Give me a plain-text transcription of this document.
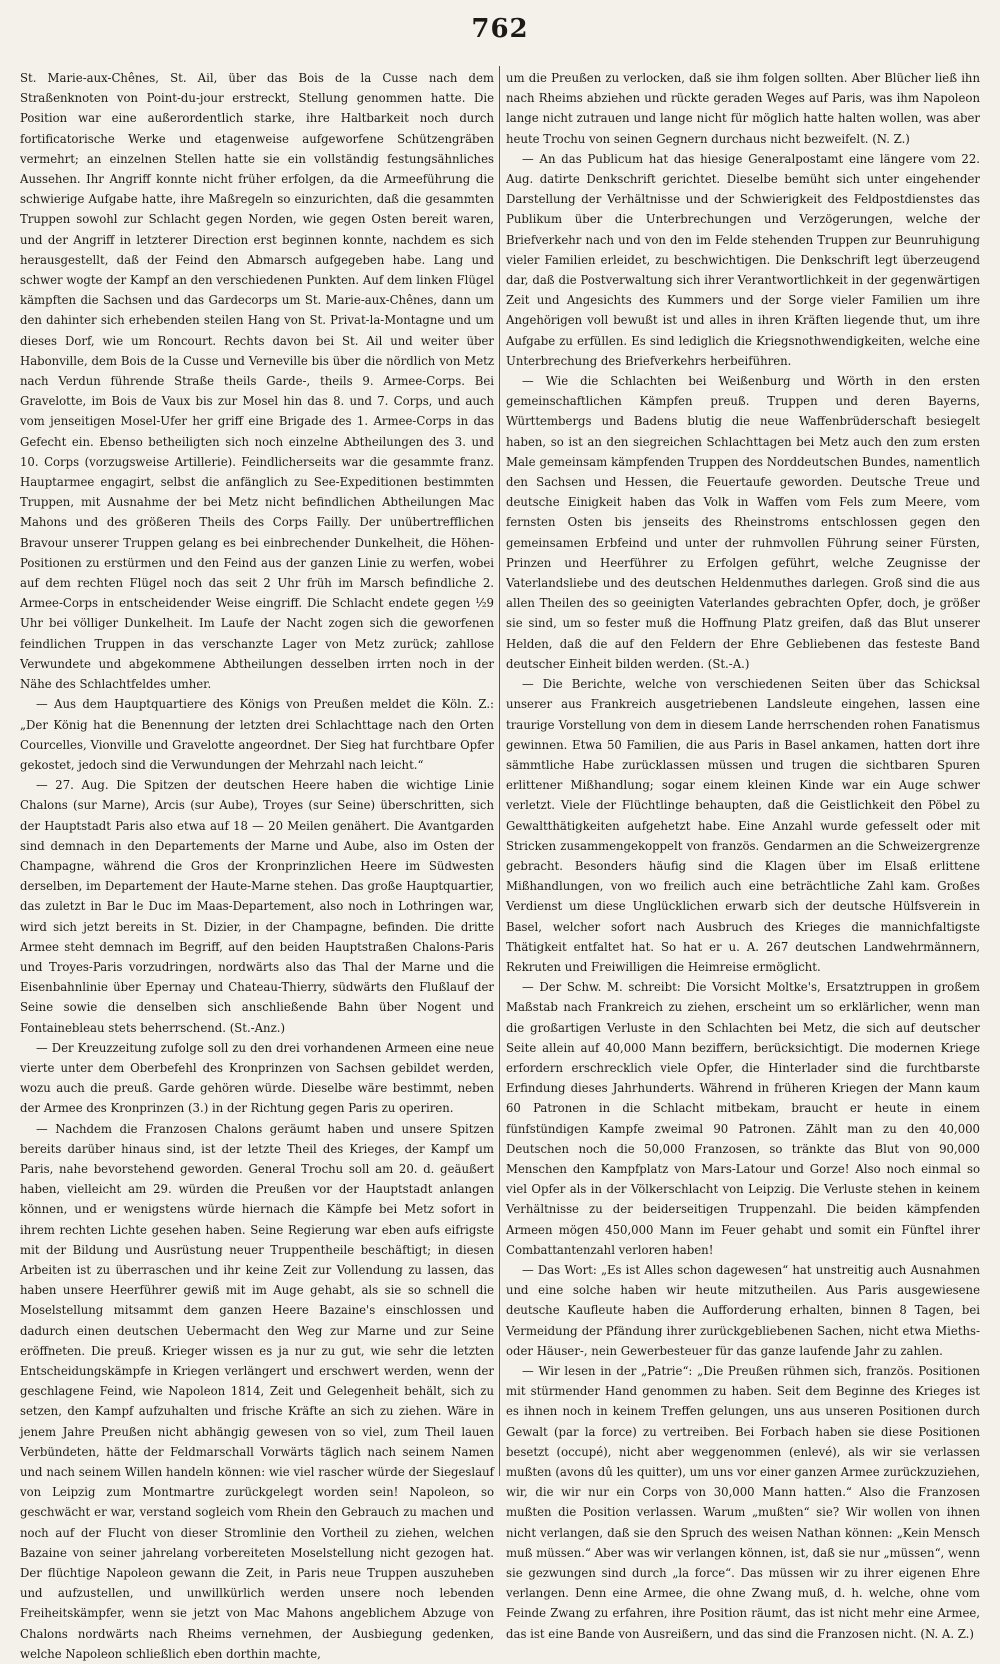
762

St. Marie-aux-Chênes, St. Ail, über das Bois de la Cusse nach dem Straßenknoten von Point-du-jour erstreckt, Stellung genommen hatte. Die Position war eine außerordentlich starke, ihre Haltbarkeit noch durch fortificatorische Werke und etagenweise aufgeworfene Schützengräben vermehrt; an einzelnen Stellen hatte sie ein vollständig festungsähnliches Aussehen. Ihr Angriff konnte nicht früher erfolgen, da die Armeeführung die schwierige Aufgabe hatte, ihre Maßregeln so einzurichten, daß die gesammten Truppen sowohl zur Schlacht gegen Norden, wie gegen Osten bereit waren, und der Angriff in letzterer Direction erst beginnen konnte, nachdem es sich herausgestellt, daß der Feind den Abmarsch aufgegeben habe. Lang und schwer wogte der Kampf an den verschiedenen Punkten. Auf dem linken Flügel kämpften die Sachsen und das Gardecorps um St. Marie-aux-Chênes, dann um den dahinter sich erhebenden steilen Hang von St. Privat-la-Montagne und um dieses Dorf, wie um Roncourt. Rechts davon bei St. Ail und weiter über Habonville, dem Bois de la Cusse und Verneville bis über die nördlich von Metz nach Verdun führende Straße theils Garde-, theils 9. Armee-Corps. Bei Gravelotte, im Bois de Vaux bis zur Mosel hin das 8. und 7. Corps, und auch vom jenseitigen Mosel-Ufer her griff eine Brigade des 1. Armee-Corps in das Gefecht ein. Ebenso betheiligten sich noch einzelne Abtheilungen des 3. und 10. Corps (vorzugsweise Artillerie). Feindlicherseits war die gesammte franz. Hauptarmee engagirt, selbst die anfänglich zu See-Expeditionen bestimmten Truppen, mit Ausnahme der bei Metz nicht befindlichen Abtheilungen Mac Mahons und des größeren Theils des Corps Failly. Der unübertrefflichen Bravour unserer Truppen gelang es bei einbrechender Dunkelheit, die Höhen-Positionen zu erstürmen und den Feind aus der ganzen Linie zu werfen, wobei auf dem rechten Flügel noch das seit 2 Uhr früh im Marsch befindliche 2. Armee-Corps in entscheidender Weise eingriff. Die Schlacht endete gegen ½9 Uhr bei völliger Dunkelheit. Im Laufe der Nacht zogen sich die geworfenen feindlichen Truppen in das verschanzte Lager von Metz zurück; zahllose Verwundete und abgekommene Abtheilungen desselben irrten noch in der Nähe des Schlachtfeldes umher.

— Aus dem Hauptquartiere des Königs von Preußen meldet die Köln. Z.: „Der König hat die Benennung der letzten drei Schlachttage nach den Orten Courcelles, Vionville und Gravelotte angeordnet. Der Sieg hat furchtbare Opfer gekostet, jedoch sind die Verwundungen der Mehrzahl nach leicht.“

— 27. Aug. Die Spitzen der deutschen Heere haben die wichtige Linie Chalons (sur Marne), Arcis (sur Aube), Troyes (sur Seine) überschritten, sich der Hauptstadt Paris also etwa auf 18 — 20 Meilen genähert. Die Avantgarden sind demnach in den Departements der Marne und Aube, also im Osten der Champagne, während die Gros der Kronprinzlichen Heere im Südwesten derselben, im Departement der Haute-Marne stehen. Das große Hauptquartier, das zuletzt in Bar le Duc im Maas-Departement, also noch in Lothringen war, wird sich jetzt bereits in St. Dizier, in der Champagne, befinden. Die dritte Armee steht demnach im Begriff, auf den beiden Hauptstraßen Chalons-Paris und Troyes-Paris vorzudringen, nordwärts also das Thal der Marne und die Eisenbahnlinie über Epernay und Chateau-Thierry, südwärts den Flußlauf der Seine sowie die denselben sich anschließende Bahn über Nogent und Fontainebleau stets beherrschend. (St.-Anz.)

— Der Kreuzzeitung zufolge soll zu den drei vorhandenen Armeen eine neue vierte unter dem Oberbefehl des Kronprinzen von Sachsen gebildet werden, wozu auch die preuß. Garde gehören würde. Dieselbe wäre bestimmt, neben der Armee des Kronprinzen (3.) in der Richtung gegen Paris zu operiren.

— Nachdem die Franzosen Chalons geräumt haben und unsere Spitzen bereits darüber hinaus sind, ist der letzte Theil des Krieges, der Kampf um Paris, nahe bevorstehend geworden. General Trochu soll am 20. d. geäußert haben, vielleicht am 29. würden die Preußen vor der Hauptstadt anlangen können, und er wenigstens würde hiernach die Kämpfe bei Metz sofort in ihrem rechten Lichte gesehen haben. Seine Regierung war eben aufs eifrigste mit der Bildung und Ausrüstung neuer Truppentheile beschäftigt; in diesen Arbeiten ist zu überraschen und ihr keine Zeit zur Vollendung zu lassen, das haben unsere Heerführer gewiß mit im Auge gehabt, als sie so schnell die Moselstellung mitsammt dem ganzen Heere Bazaine's einschlossen und dadurch einen deutschen Uebermacht den Weg zur Marne und zur Seine eröffneten. Die preuß. Krieger wissen es ja nur zu gut, wie sehr die letzten Entscheidungskämpfe in Kriegen verlängert und erschwert werden, wenn der geschlagene Feind, wie Napoleon 1814, Zeit und Gelegenheit behält, sich zu setzen, den Kampf aufzuhalten und frische Kräfte an sich zu ziehen. Wäre in jenem Jahre Preußen nicht abhängig gewesen von so viel, zum Theil lauen Verbündeten, hätte der Feldmarschall Vorwärts täglich nach seinem Namen und nach seinem Willen handeln können: wie viel rascher würde der Siegeslauf von Leipzig zum Montmartre zurückgelegt worden sein! Napoleon, so geschwächt er war, verstand sogleich vom Rhein den Gebrauch zu machen und noch auf der Flucht von dieser Stromlinie den Vortheil zu ziehen, welchen Bazaine von seiner jahrelang vorbereiteten Moselstellung nicht gezogen hat. Der flüchtige Napoleon gewann die Zeit, in Paris neue Truppen auszuheben und aufzustellen, und unwillkürlich werden unsere noch lebenden Freiheitskämpfer, wenn sie jetzt von Mac Mahons angeblichem Abzuge von Chalons nordwärts nach Rheims vernehmen, der Ausbiegung gedenken, welche Napoleon schließlich eben dorthin machte,

um die Preußen zu verlocken, daß sie ihm folgen sollten. Aber Blücher ließ ihn nach Rheims abziehen und rückte geraden Weges auf Paris, was ihm Napoleon lange nicht zutrauen und lange nicht für möglich hatte halten wollen, was aber heute Trochu von seinen Gegnern durchaus nicht bezweifelt. (N. Z.)

— An das Publicum hat das hiesige Generalpostamt eine längere vom 22. Aug. datirte Denkschrift gerichtet. Dieselbe bemüht sich unter eingehender Darstellung der Verhältnisse und der Schwierigkeit des Feldpostdienstes das Publikum über die Unterbrechungen und Verzögerungen, welche der Briefverkehr nach und von den im Felde stehenden Truppen zur Beunruhigung vieler Familien erleidet, zu beschwichtigen. Die Denkschrift legt überzeugend dar, daß die Postverwaltung sich ihrer Verantwortlichkeit in der gegenwärtigen Zeit und Angesichts des Kummers und der Sorge vieler Familien um ihre Angehörigen voll bewußt ist und alles in ihren Kräften liegende thut, um ihre Aufgabe zu erfüllen. Es sind lediglich die Kriegsnothwendigkeiten, welche eine Unterbrechung des Briefverkehrs herbeiführen.

— Wie die Schlachten bei Weißenburg und Wörth in den ersten gemeinschaftlichen Kämpfen preuß. Truppen und deren Bayerns, Württembergs und Badens blutig die neue Waffenbrüderschaft besiegelt haben, so ist an den siegreichen Schlachttagen bei Metz auch den zum ersten Male gemeinsam kämpfenden Truppen des Norddeutschen Bundes, namentlich den Sachsen und Hessen, die Feuertaufe geworden. Deutsche Treue und deutsche Einigkeit haben das Volk in Waffen vom Fels zum Meere, vom fernsten Osten bis jenseits des Rheinstroms entschlossen gegen den gemeinsamen Erbfeind und unter der ruhmvollen Führung seiner Fürsten, Prinzen und Heerführer zu Erfolgen geführt, welche Zeugnisse der Vaterlandsliebe und des deutschen Heldenmuthes darlegen. Groß sind die aus allen Theilen des so geeinigten Vaterlandes gebrachten Opfer, doch, je größer sie sind, um so fester muß die Hoffnung Platz greifen, daß das Blut unserer Helden, daß die auf den Feldern der Ehre Gebliebenen das festeste Band deutscher Einheit bilden werden. (St.-A.)

— Die Berichte, welche von verschiedenen Seiten über das Schicksal unserer aus Frankreich ausgetriebenen Landsleute eingehen, lassen eine traurige Vorstellung von dem in diesem Lande herrschenden rohen Fanatismus gewinnen. Etwa 50 Familien, die aus Paris in Basel ankamen, hatten dort ihre sämmtliche Habe zurücklassen müssen und trugen die sichtbaren Spuren erlittener Mißhandlung; sogar einem kleinen Kinde war ein Auge schwer verletzt. Viele der Flüchtlinge behaupten, daß die Geistlichkeit den Pöbel zu Gewaltthätigkeiten aufgehetzt habe. Eine Anzahl wurde gefesselt oder mit Stricken zusammengekoppelt von französ. Gendarmen an die Schweizergrenze gebracht. Besonders häufig sind die Klagen über im Elsaß erlittene Mißhandlungen, von wo freilich auch eine beträchtliche Zahl kam. Großes Verdienst um diese Unglücklichen erwarb sich der deutsche Hülfsverein in Basel, welcher sofort nach Ausbruch des Krieges die mannichfaltigste Thätigkeit entfaltet hat. So hat er u. A. 267 deutschen Landwehrmännern, Rekruten und Freiwilligen die Heimreise ermöglicht.

— Der Schw. M. schreibt: Die Vorsicht Moltke's, Ersatztruppen in großem Maßstab nach Frankreich zu ziehen, erscheint um so erklärlicher, wenn man die großartigen Verluste in den Schlachten bei Metz, die sich auf deutscher Seite allein auf 40,000 Mann beziffern, berücksichtigt. Die modernen Kriege erfordern erschrecklich viele Opfer, die Hinterlader sind die furchtbarste Erfindung dieses Jahrhunderts. Während in früheren Kriegen der Mann kaum 60 Patronen in die Schlacht mitbekam, braucht er heute in einem fünfstündigen Kampfe zweimal 90 Patronen. Zählt man zu den 40,000 Deutschen noch die 50,000 Franzosen, so tränkte das Blut von 90,000 Menschen den Kampfplatz von Mars-Latour und Gorze! Also noch einmal so viel Opfer als in der Völkerschlacht von Leipzig. Die Verluste stehen in keinem Verhältnisse zu der beiderseitigen Truppenzahl. Die beiden kämpfenden Armeen mögen 450,000 Mann im Feuer gehabt und somit ein Fünftel ihrer Combattantenzahl verloren haben!

— Das Wort: „Es ist Alles schon dagewesen“ hat unstreitig auch Ausnahmen und eine solche haben wir heute mitzutheilen. Aus Paris ausgewiesene deutsche Kaufleute haben die Aufforderung erhalten, binnen 8 Tagen, bei Vermeidung der Pfändung ihrer zurückgebliebenen Sachen, nicht etwa Mieths- oder Häuser-, nein Gewerbesteuer für das ganze laufende Jahr zu zahlen.

— Wir lesen in der „Patrie“: „Die Preußen rühmen sich, französ. Positionen mit stürmender Hand genommen zu haben. Seit dem Beginne des Krieges ist es ihnen noch in keinem Treffen gelungen, uns aus unseren Positionen durch Gewalt (par la force) zu vertreiben. Bei Forbach haben sie diese Positionen besetzt (occupé), nicht aber weggenommen (enlevé), als wir sie verlassen mußten (avons dû les quitter), um uns vor einer ganzen Armee zurückzuziehen, wir, die wir nur ein Corps von 30,000 Mann hatten.“ Also die Franzosen mußten die Position verlassen. Warum „mußten“ sie? Wir wollen von ihnen nicht verlangen, daß sie den Spruch des weisen Nathan können: „Kein Mensch muß müssen.“ Aber was wir verlangen können, ist, daß sie nur „müssen“, wenn sie gezwungen sind durch „la force“. Das müssen wir zu ihrer eigenen Ehre verlangen. Denn eine Armee, die ohne Zwang muß, d. h. welche, ohne vom Feinde Zwang zu erfahren, ihre Position räumt, das ist nicht mehr eine Armee, das ist eine Bande von Ausreißern, und das sind die Franzosen nicht. (N. A. Z.)
